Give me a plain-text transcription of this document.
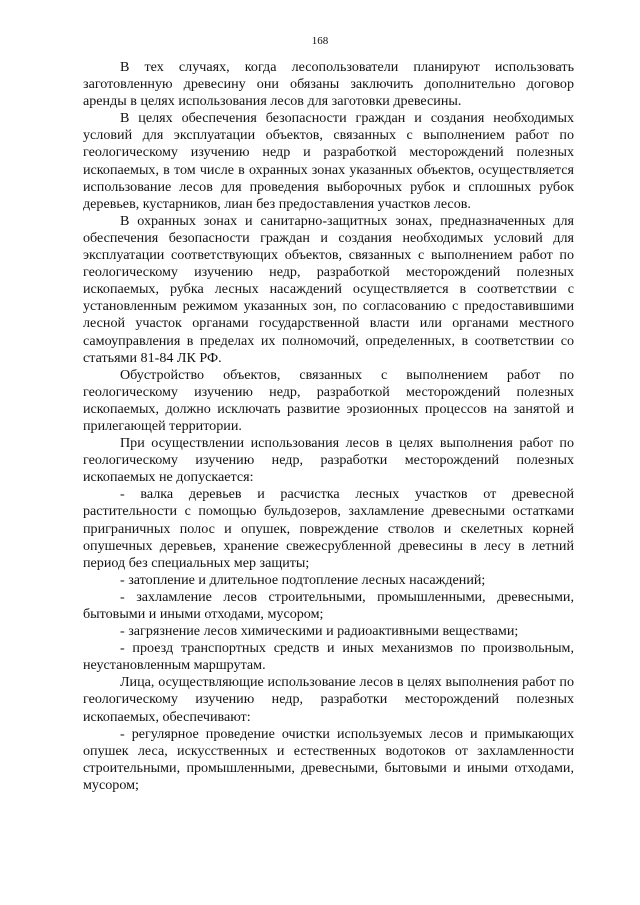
168

В тех случаях, когда лесопользователи планируют использовать заготовленную древесину они обязаны заключить дополнительно договор аренды в целях использования лесов для заготовки древесины.

В целях обеспечения безопасности граждан и создания необходимых условий для эксплуатации объектов, связанных с выполнением работ по геологическому изучению недр и разработкой месторождений полезных ископаемых, в том числе в охранных зонах указанных объектов, осуществляется использование лесов для проведения выборочных рубок и сплошных рубок деревьев, кустарников, лиан без предоставления участков лесов.

В охранных зонах и санитарно-защитных зонах, предназначенных для обеспечения безопасности граждан и создания необходимых условий для эксплуатации соответствующих объектов, связанных с выполнением работ по геологическому изучению недр, разработкой месторождений полезных ископаемых, рубка лесных насаждений осуществляется в соответствии с установленным режимом указанных зон, по согласованию с предоставившими лесной участок органами государственной власти или органами местного самоуправления в пределах их полномочий, определенных, в соответствии со статьями 81-84 ЛК РФ.

Обустройство объектов, связанных с выполнением работ по геологическому изучению недр, разработкой месторождений полезных ископаемых, должно исключать развитие эрозионных процессов на занятой и прилегающей территории.

При осуществлении использования лесов в целях выполнения работ по геологическому изучению недр, разработки месторождений полезных ископаемых не допускается:

- валка деревьев и расчистка лесных участков от древесной растительности с помощью бульдозеров, захламление древесными остатками приграничных полос и опушек, повреждение стволов и скелетных корней опушечных деревьев, хранение свежесрубленной древесины в лесу в летний период без специальных мер защиты;

- затопление и длительное подтопление лесных насаждений;

- захламление лесов строительными, промышленными, древесными, бытовыми и иными отходами, мусором;

- загрязнение лесов химическими и радиоактивными веществами;

- проезд транспортных средств и иных механизмов по произвольным, неустановленным маршрутам.

Лица, осуществляющие использование лесов в целях выполнения работ по геологическому изучению недр, разработки месторождений полезных ископаемых, обеспечивают:

- регулярное проведение очистки используемых лесов и примыкающих опушек леса, искусственных и естественных водотоков от захламленности строительными, промышленными, древесными, бытовыми и иными отходами, мусором;
